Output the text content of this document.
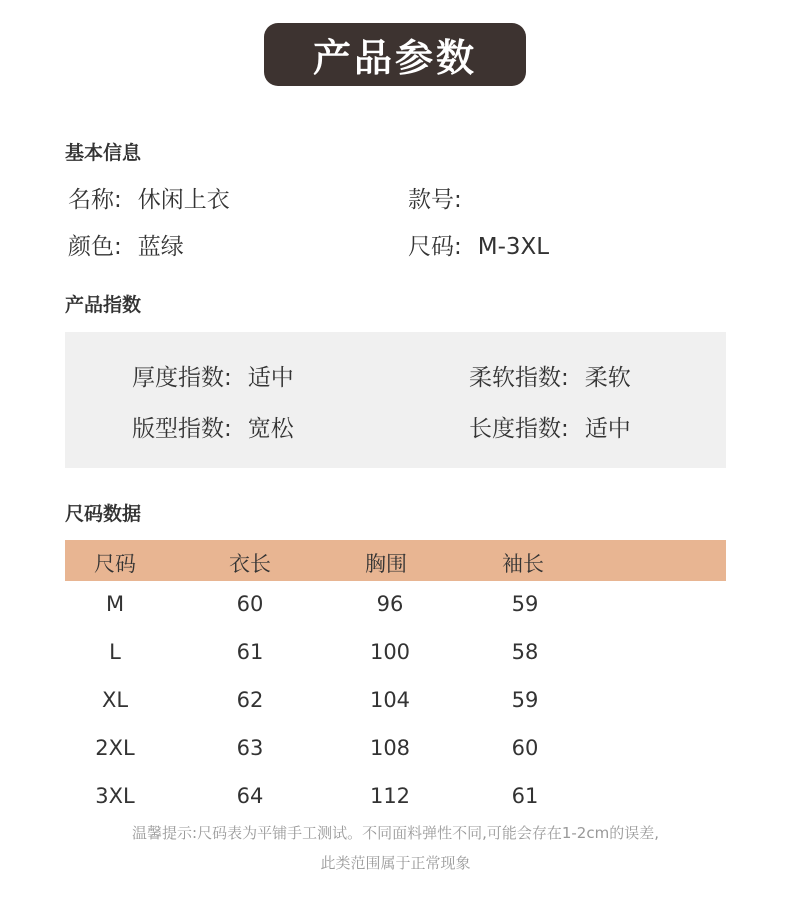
产品参数
基本信息
名称: 休闲上衣	款号:
颜色: 蓝绿	尺码: M-3XL
产品指数
厚度指数: 适中	柔软指数: 柔软
版型指数: 宽松	长度指数: 适中
尺码数据
尺码	衣长	胸围	袖长
M	60	96	59
L	61	100	58
XL	62	104	59
2XL	63	108	60
3XL	64	112	61
温馨提示:尺码表为平铺手工测试。不同面料弹性不同,可能会存在1-2cm的误差,
此类范围属于正常现象
